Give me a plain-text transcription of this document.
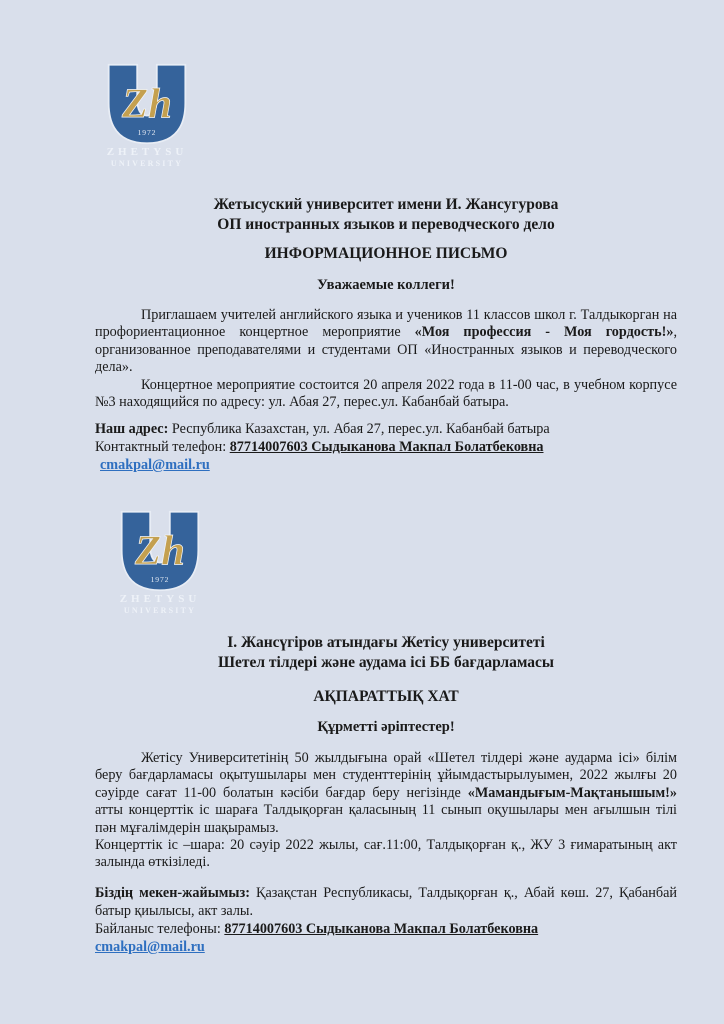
Zh
1972
ZHETYSU
UNIVERSITY

Жетысуский университет имени И. Жансугурова

ОП иностранных языков и переводческого дело

ИНФОРМАЦИОННОЕ ПИСЬМО

Уважаемые коллеги!

Приглашаем учителей английского языка и учеников 11 классов школ г. Талдыкорган на профориентационное концертное мероприятие «Моя профессия - Моя гордость!», организованное преподавателями и студентами ОП «Иностранных языков и переводческого дела».

Концертное мероприятие состоится 20 апреля 2022 года в 11-00 час, в учебном корпусе №3 находящийся по адресу: ул. Абая 27, перес.ул. Кабанбай батыра.

Наш адрес: Республика Казахстан, ул. Абая 27, перес.ул. Кабанбай батыра

Контактный телефон: 87714007603 Сыдыканова Макпал Болатбековна

cmakpal@mail.ru

Zh
1972
ZHETYSU
UNIVERSITY

І. Жансүгіров атындағы Жетісу университеті

Шетел тілдері және аудама ісі ББ бағдарламасы

АҚПАРАТТЫҚ ХАТ

Құрметті әріптестер!

Жетісу Университетінің 50 жылдығына орай «Шетел тілдері және аударма ісі» білім беру бағдарламасы оқытушылары мен студенттерінің ұйымдастырылуымен, 2022 жылғы 20 сәуірде сағат 11-00 болатын кәсіби бағдар беру негізінде «Мамандығым-Мақтанышым!» атты концерттік іс шараға Талдықорған қаласының 11 сынып оқушылары мен ағылшын тілі пән мұғалімдерін шақырамыз.

Концерттік іс –шара: 20 сәуір 2022 жылы, сағ.11:00, Талдықорған қ., ЖУ 3 ғимаратының акт залында өткізіледі.

Біздің мекен-жайымыз: Қазақстан Республикасы, Талдықорған қ., Абай көш. 27, Қабанбай батыр қиылысы, акт залы.

Байланыс телефоны: 87714007603 Сыдыканова Макпал Болатбековна

cmakpal@mail.ru
